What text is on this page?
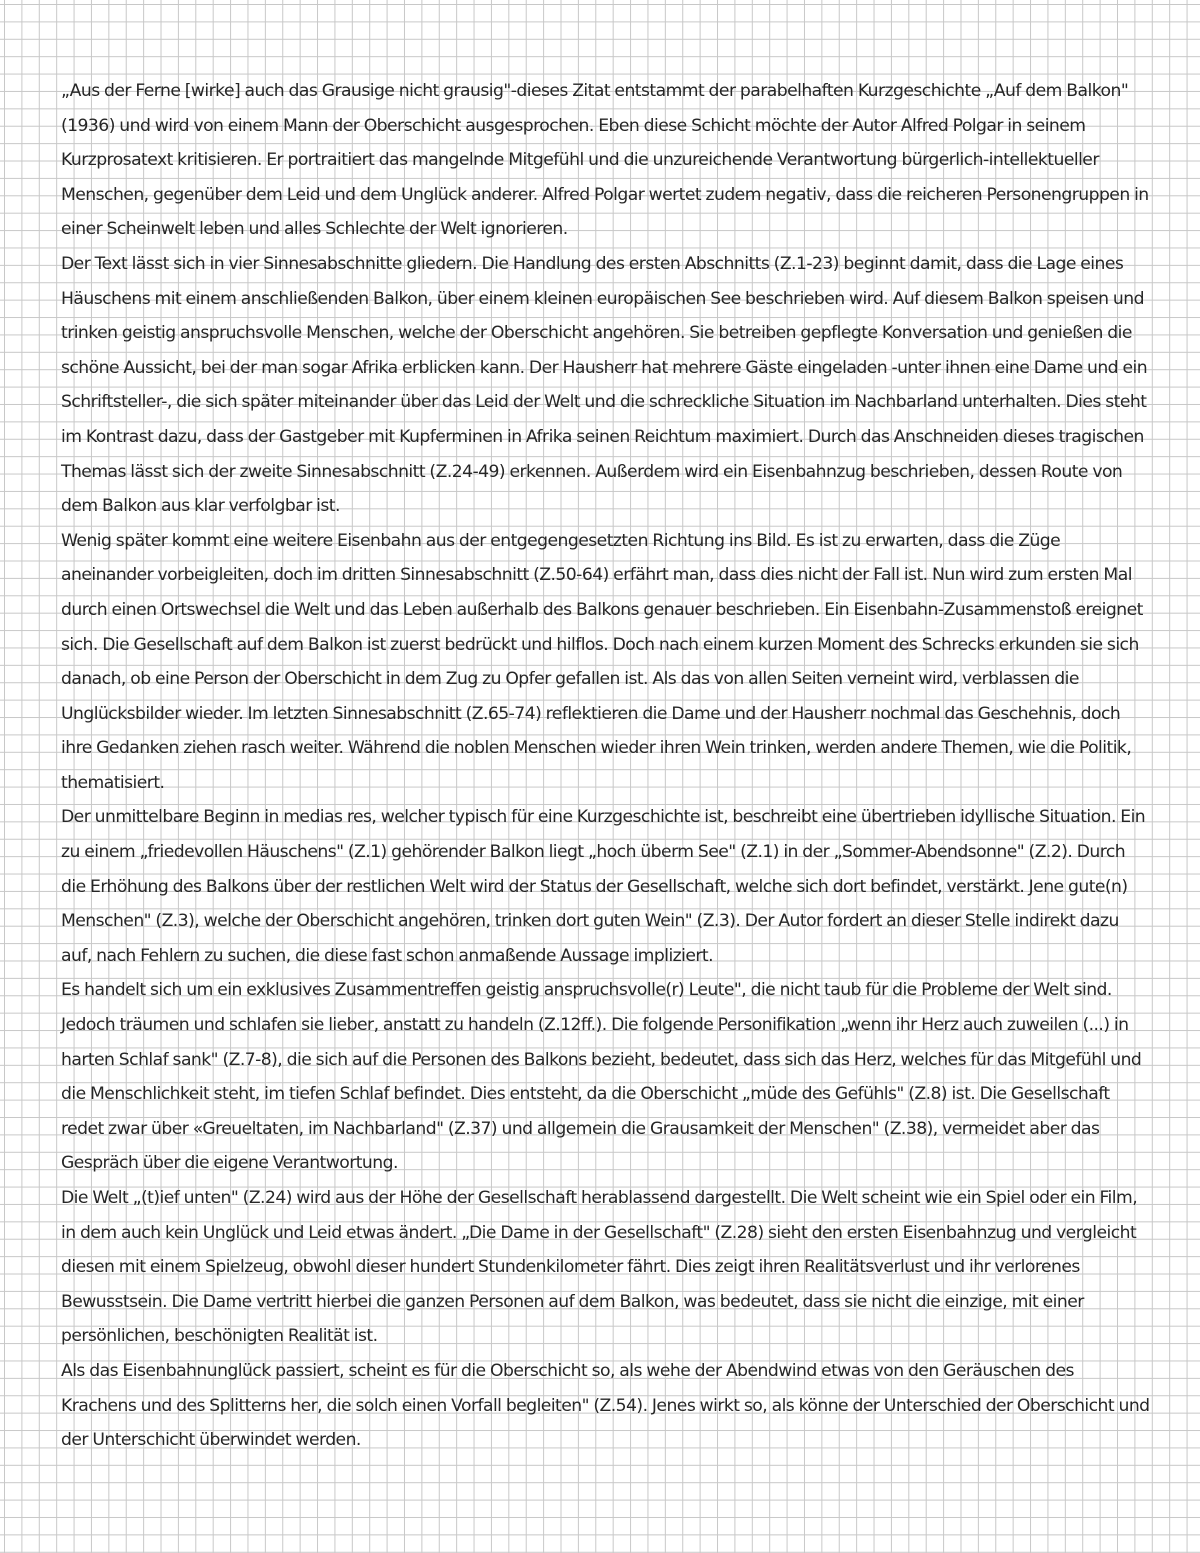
„Aus der Ferne [wirke] auch das Grausige nicht grausig"-dieses Zitat entstammt der parabelhaften Kurzgeschichte „Auf dem Balkon" (1936) und wird von einem Mann der Oberschicht ausgesprochen. Eben diese Schicht möchte der Autor Alfred Polgar in seinem Kurzprosatext kritisieren. Er portraitiert das mangelnde Mitgefühl und die unzureichende Verantwortung bürgerlich-intellektueller Menschen, gegenüber dem Leid und dem Unglück anderer. Alfred Polgar wertet zudem negativ, dass die reicheren Personengruppen in einer Scheinwelt leben und alles Schlechte der Welt ignorieren.

Der Text lässt sich in vier Sinnesabschnitte gliedern. Die Handlung des ersten Abschnitts (Z.1-23) beginnt damit, dass die Lage eines Häuschens mit einem anschließenden Balkon, über einem kleinen europäischen See beschrieben wird. Auf diesem Balkon speisen und trinken geistig anspruchsvolle Menschen, welche der Oberschicht angehören. Sie betreiben gepflegte Konversation und genießen die schöne Aussicht, bei der man sogar Afrika erblicken kann. Der Hausherr hat mehrere Gäste eingeladen -unter ihnen eine Dame und ein Schriftsteller-, die sich später miteinander über das Leid der Welt und die schreckliche Situation im Nachbarland unterhalten. Dies steht im Kontrast dazu, dass der Gastgeber mit Kupferminen in Afrika seinen Reichtum maximiert. Durch das Anschneiden dieses tragischen Themas lässt sich der zweite Sinnesabschnitt (Z.24-49) erkennen. Außerdem wird ein Eisenbahnzug beschrieben, dessen Route von dem Balkon aus klar verfolgbar ist.

Wenig später kommt eine weitere Eisenbahn aus der entgegengesetzten Richtung ins Bild. Es ist zu erwarten, dass die Züge aneinander vorbeigleiten, doch im dritten Sinnesabschnitt (Z.50-64) erfährt man, dass dies nicht der Fall ist. Nun wird zum ersten Mal durch einen Ortswechsel die Welt und das Leben außerhalb des Balkons genauer beschrieben. Ein Eisenbahn-Zusammenstoß ereignet sich. Die Gesellschaft auf dem Balkon ist zuerst bedrückt und hilflos. Doch nach einem kurzen Moment des Schrecks erkunden sie sich danach, ob eine Person der Oberschicht in dem Zug zu Opfer gefallen ist. Als das von allen Seiten verneint wird, verblassen die Unglücksbilder wieder. Im letzten Sinnesabschnitt (Z.65-74) reflektieren die Dame und der Hausherr nochmal das Geschehnis, doch ihre Gedanken ziehen rasch weiter. Während die noblen Menschen wieder ihren Wein trinken, werden andere Themen, wie die Politik, thematisiert.

Der unmittelbare Beginn in medias res, welcher typisch für eine Kurzgeschichte ist, beschreibt eine übertrieben idyllische Situation. Ein zu einem „friedevollen Häuschens" (Z.1) gehörender Balkon liegt „hoch überm See" (Z.1) in der „Sommer-Abendsonne" (Z.2). Durch die Erhöhung des Balkons über der restlichen Welt wird der Status der Gesellschaft, welche sich dort befindet, verstärkt. Jene gute(n) Menschen" (Z.3), welche der Oberschicht angehören, trinken dort guten Wein" (Z.3). Der Autor fordert an dieser Stelle indirekt dazu auf, nach Fehlern zu suchen, die diese fast schon anmaßende Aussage impliziert.

Es handelt sich um ein exklusives Zusammentreffen geistig anspruchsvolle(r) Leute", die nicht taub für die Probleme der Welt sind. Jedoch träumen und schlafen sie lieber, anstatt zu handeln (Z.12ff.). Die folgende Personifikation „wenn ihr Herz auch zuweilen (...) in harten Schlaf sank" (Z.7-8), die sich auf die Personen des Balkons bezieht, bedeutet, dass sich das Herz, welches für das Mitgefühl und die Menschlichkeit steht, im tiefen Schlaf befindet. Dies entsteht, da die Oberschicht „müde des Gefühls" (Z.8) ist. Die Gesellschaft redet zwar über «Greueltaten, im Nachbarland" (Z.37) und allgemein die Grausamkeit der Menschen" (Z.38), vermeidet aber das Gespräch über die eigene Verantwortung.

Die Welt „(t)ief unten" (Z.24) wird aus der Höhe der Gesellschaft herablassend dargestellt. Die Welt scheint wie ein Spiel oder ein Film, in dem auch kein Unglück und Leid etwas ändert. „Die Dame in der Gesellschaft" (Z.28) sieht den ersten Eisenbahnzug und vergleicht diesen mit einem Spielzeug, obwohl dieser hundert Stundenkilometer fährt. Dies zeigt ihren Realitätsverlust und ihr verlorenes Bewusstsein. Die Dame vertritt hierbei die ganzen Personen auf dem Balkon, was bedeutet, dass sie nicht die einzige, mit einer persönlichen, beschönigten Realität ist.

Als das Eisenbahnunglück passiert, scheint es für die Oberschicht so, als wehe der Abendwind etwas von den Geräuschen des Krachens und des Splitterns her, die solch einen Vorfall begleiten" (Z.54). Jenes wirkt so, als könne der Unterschied der Oberschicht und der Unterschicht überwindet werden.
